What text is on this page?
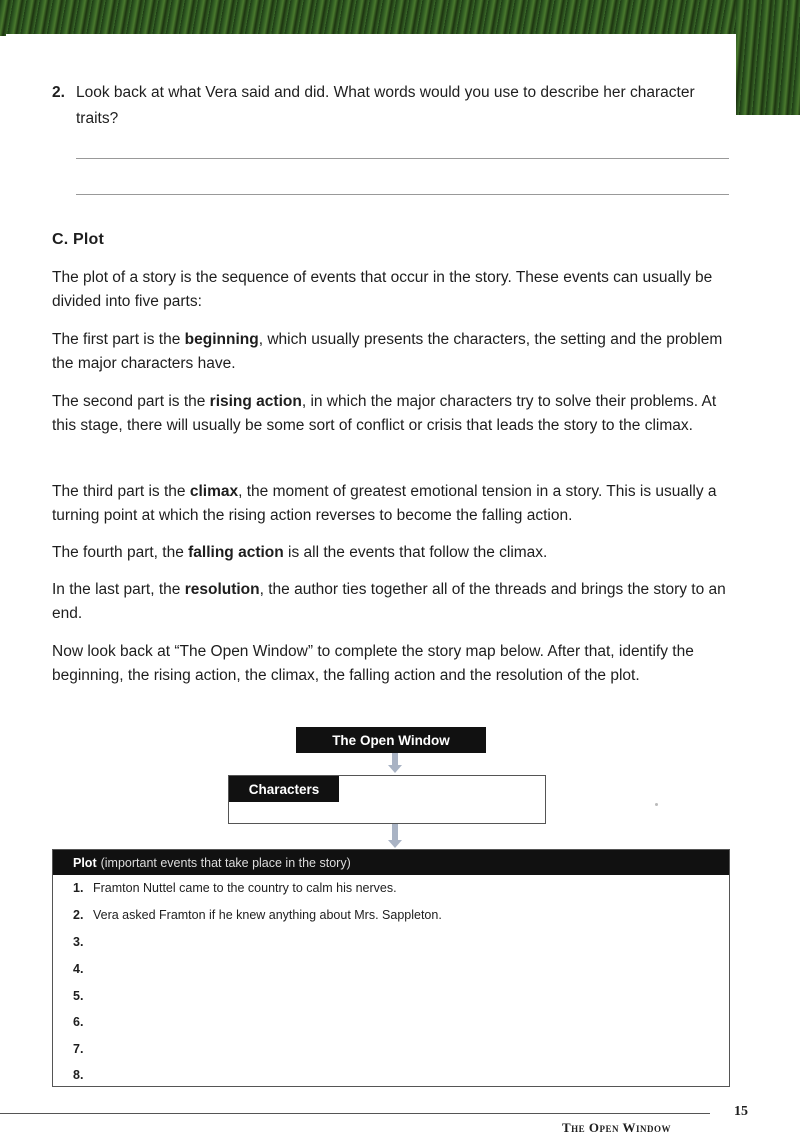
2. Look back at what Vera said and did. What words would you use to describe her character traits?
C. Plot

The plot of a story is the sequence of events that occur in the story. These events can usually be divided into five parts:

The first part is the beginning, which usually presents the characters, the setting and the problem the major characters have.

The second part is the rising action, in which the major characters try to solve their problems. At this stage, there will usually be some sort of conflict or crisis that leads the story to the climax.

The third part is the climax, the moment of greatest emotional tension in a story. This is usually a turning point at which the rising action reverses to become the falling action.

The fourth part, the falling action is all the events that follow the climax.

In the last part, the resolution, the author ties together all of the threads and brings the story to an end.

Now look back at “The Open Window” to complete the story map below. After that, identify the beginning, the rising action, the climax, the falling action and the resolution of the plot.

The Open Window
Characters
Plot (important events that take place in the story)
1. Framton Nuttel came to the country to calm his nerves.
2. Vera asked Framton if he knew anything about Mrs. Sappleton.
3.
4.
5.
6.
7.
8.
15
The Open Window
